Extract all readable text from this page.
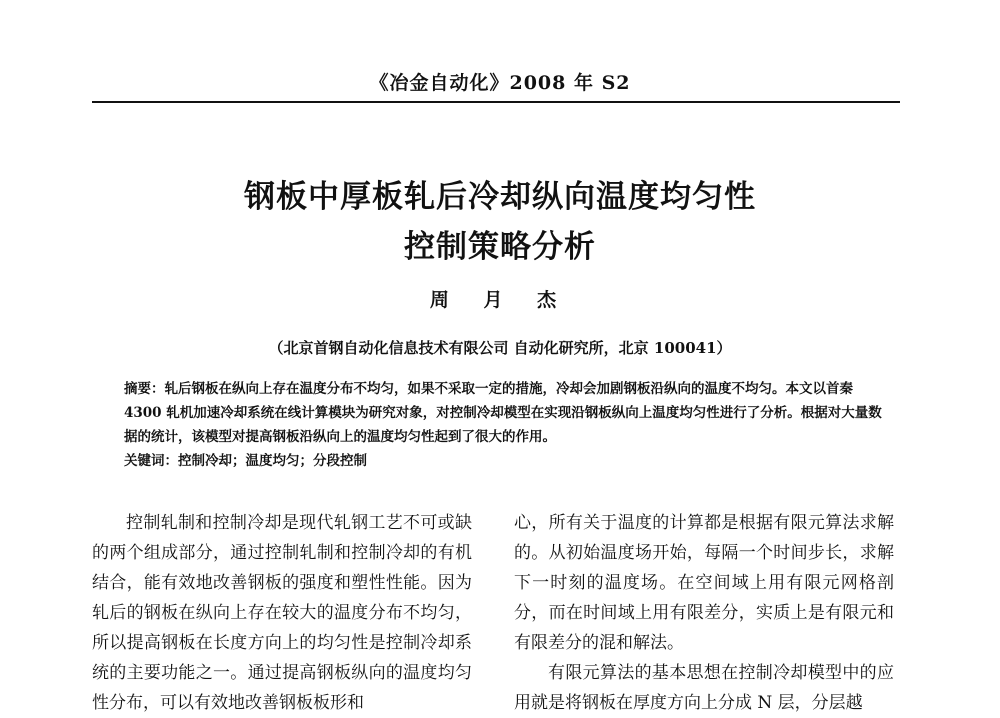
《冶金自动化》2008 年 S2
钢板中厚板轧后冷却纵向温度均匀性
控制策略分析
周 月 杰
（北京首钢自动化信息技术有限公司 自动化研究所，北京 100041）
摘要：轧后钢板在纵向上存在温度分布不均匀，如果不采取一定的措施，冷却会加剧钢板沿纵向的温度不均匀。本文以首秦 4300 轧机加速冷却系统在线计算模块为研究对象，对控制冷却模型在实现沿钢板纵向上温度均匀性进行了分析。根据对大量数据的统计，该模型对提高钢板沿纵向上的温度均匀性起到了很大的作用。
关键词：控制冷却；温度均匀；分段控制

控制轧制和控制冷却是现代轧钢工艺不可或缺的两个组成部分，通过控制轧制和控制冷却的有机结合，能有效地改善钢板的强度和塑性性能。因为轧后的钢板在纵向上存在较大的温度分布不均匀，所以提高钢板在长度方向上的均匀性是控制冷却系统的主要功能之一。通过提高钢板纵向的温度均匀性分布，可以有效地改善钢板板形和

心，所有关于温度的计算都是根据有限元算法求解的。从初始温度场开始，每隔一个时间步长，求解下一时刻的温度场。在空间域上用有限元网格剖分，而在时间域上用有限差分，实质上是有限元和有限差分的混和解法。

有限元算法的基本思想在控制冷却模型中的应用就是将钢板在厚度方向上分成 N 层，分层越
